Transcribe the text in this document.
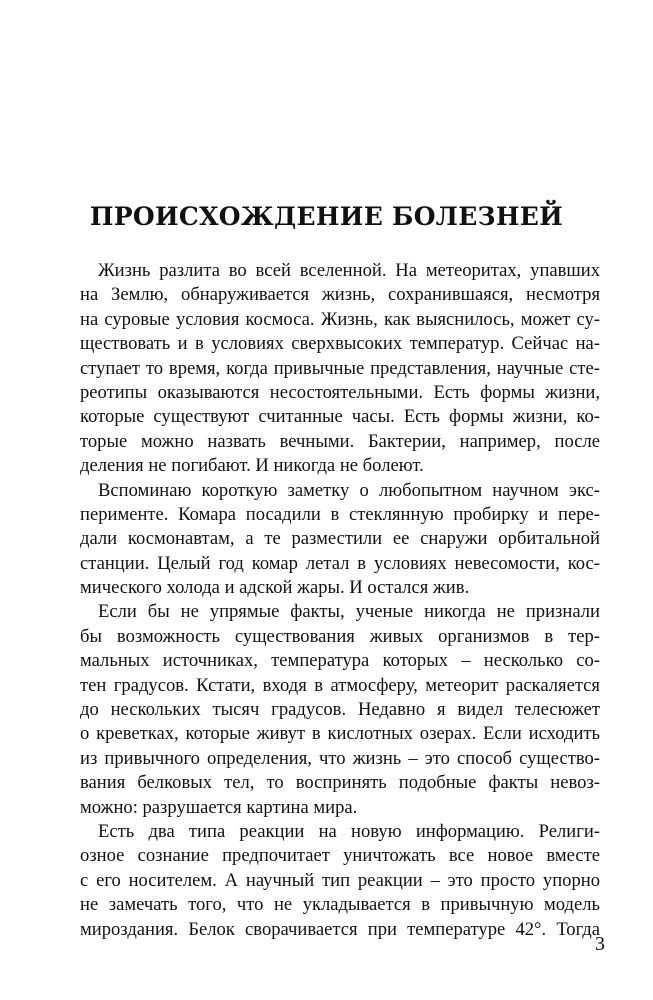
ПРОИСХОЖДЕНИЕ БОЛЕЗНЕЙ
Жизнь разлита во всей вселенной. На метеоритах, упавших
на Землю, обнаруживается жизнь, сохранившаяся, несмотря
на суровые условия космоса. Жизнь, как выяснилось, может су-
ществовать и в условиях сверхвысоких температур. Сейчас на-
ступает то время, когда привычные представления, научные сте-
реотипы оказываются несостоятельными. Есть формы жизни,
которые существуют считанные часы. Есть формы жизни, ко-
торые можно назвать вечными. Бактерии, например, после
деления не погибают. И никогда не болеют.
Вспоминаю короткую заметку о любопытном научном экс-
перименте. Комара посадили в стеклянную пробирку и пере-
дали космонавтам, а те разместили ее снаружи орбитальной
станции. Целый год комар летал в условиях невесомости, кос-
мического холода и адской жары. И остался жив.
Если бы не упрямые факты, ученые никогда не признали
бы возможность существования живых организмов в тер-
мальных источниках, температура которых – несколько со-
тен градусов. Кстати, входя в атмосферу, метеорит раскаляется
до нескольких тысяч градусов. Недавно я видел телесюжет
о креветках, которые живут в кислотных озерах. Если исходить
из привычного определения, что жизнь – это способ существо-
вания белковых тел, то воспринять подобные факты невоз-
можно: разрушается картина мира.
Есть два типа реакции на новую информацию. Религи-
озное сознание предпочитает уничтожать все новое вместе
с его носителем. А научный тип реакции – это просто упорно
не замечать того, что не укладывается в привычную модель
мироздания. Белок сворачивается при температуре 42°. Тогда
3
